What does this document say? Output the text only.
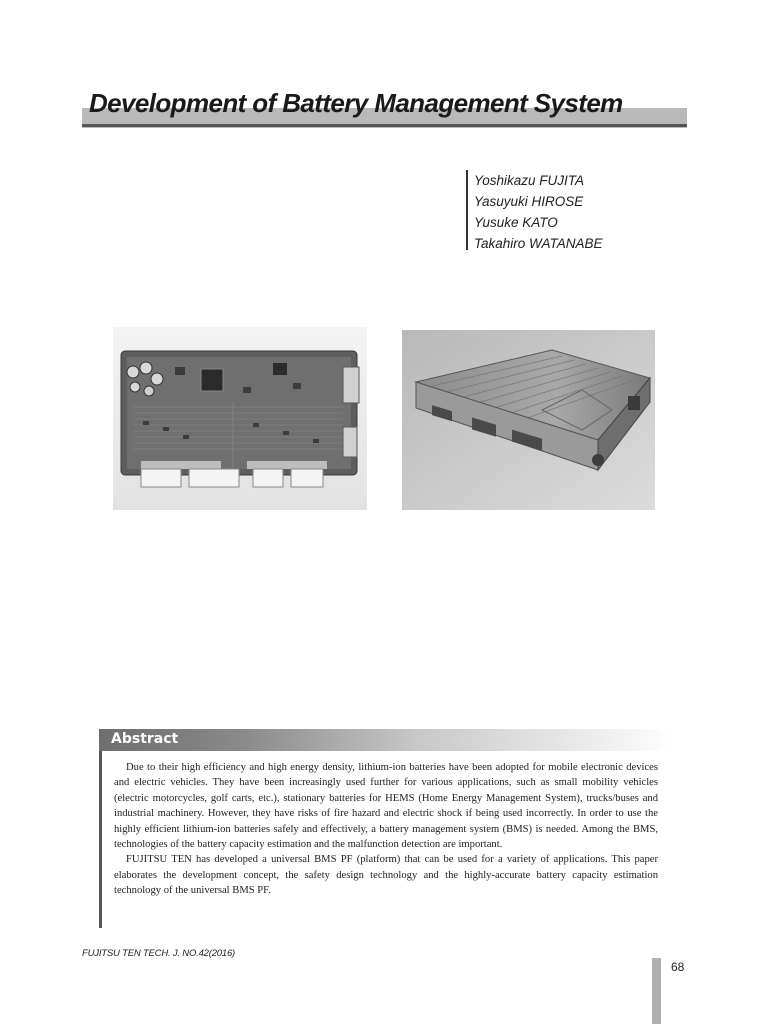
Development of Battery Management System
Yoshikazu FUJITA
Yasuyuki HIROSE
Yusuke KATO
Takahiro WATANABE
Abstract

Due to their high efficiency and high energy density, lithium-ion batteries have been adopted for mobile electronic devices and electric vehicles. They have been increasingly used further for various applications, such as small mobility vehicles (electric motorcycles, golf carts, etc.), stationary batteries for HEMS (Home Energy Management System), trucks/buses and industrial machinery. However, they have risks of fire hazard and electric shock if being used incorrectly. In order to use the highly efficient lithium-ion batteries safely and effectively, a battery management system (BMS) is needed. Among the BMS, technologies of the battery capacity estimation and the malfunction detection are important.

FUJITSU TEN has developed a universal BMS PF (platform) that can be used for a variety of applications. This paper elaborates the development concept, the safety design technology and the highly-accurate battery capacity estimation technology of the universal BMS PF.

FUJITSU TEN TECH. J. NO.42(2016)
68
